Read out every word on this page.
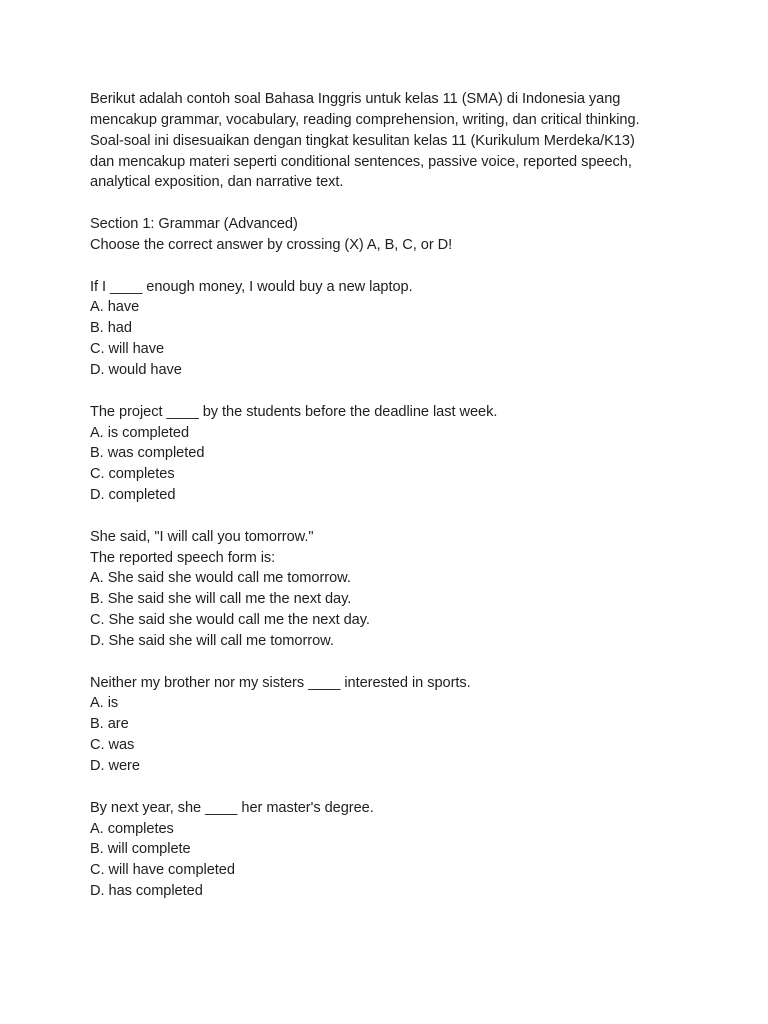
Berikut adalah contoh soal Bahasa Inggris untuk kelas 11 (SMA) di Indonesia yang
mencakup grammar, vocabulary, reading comprehension, writing, dan critical thinking.
Soal-soal ini disesuaikan dengan tingkat kesulitan kelas 11 (Kurikulum Merdeka/K13)
dan mencakup materi seperti conditional sentences, passive voice, reported speech,
analytical exposition, dan narrative text.
Section 1: Grammar (Advanced)
Choose the correct answer by crossing (X) A, B, C, or D!
If I ____ enough money, I would buy a new laptop.
A. have
B. had
C. will have
D. would have
The project ____ by the students before the deadline last week.
A. is completed
B. was completed
C. completes
D. completed
She said, "I will call you tomorrow."
The reported speech form is:
A. She said she would call me tomorrow.
B. She said she will call me the next day.
C. She said she would call me the next day.
D. She said she will call me tomorrow.
Neither my brother nor my sisters ____ interested in sports.
A. is
B. are
C. was
D. were
By next year, she ____ her master's degree.
A. completes
B. will complete
C. will have completed
D. has completed
